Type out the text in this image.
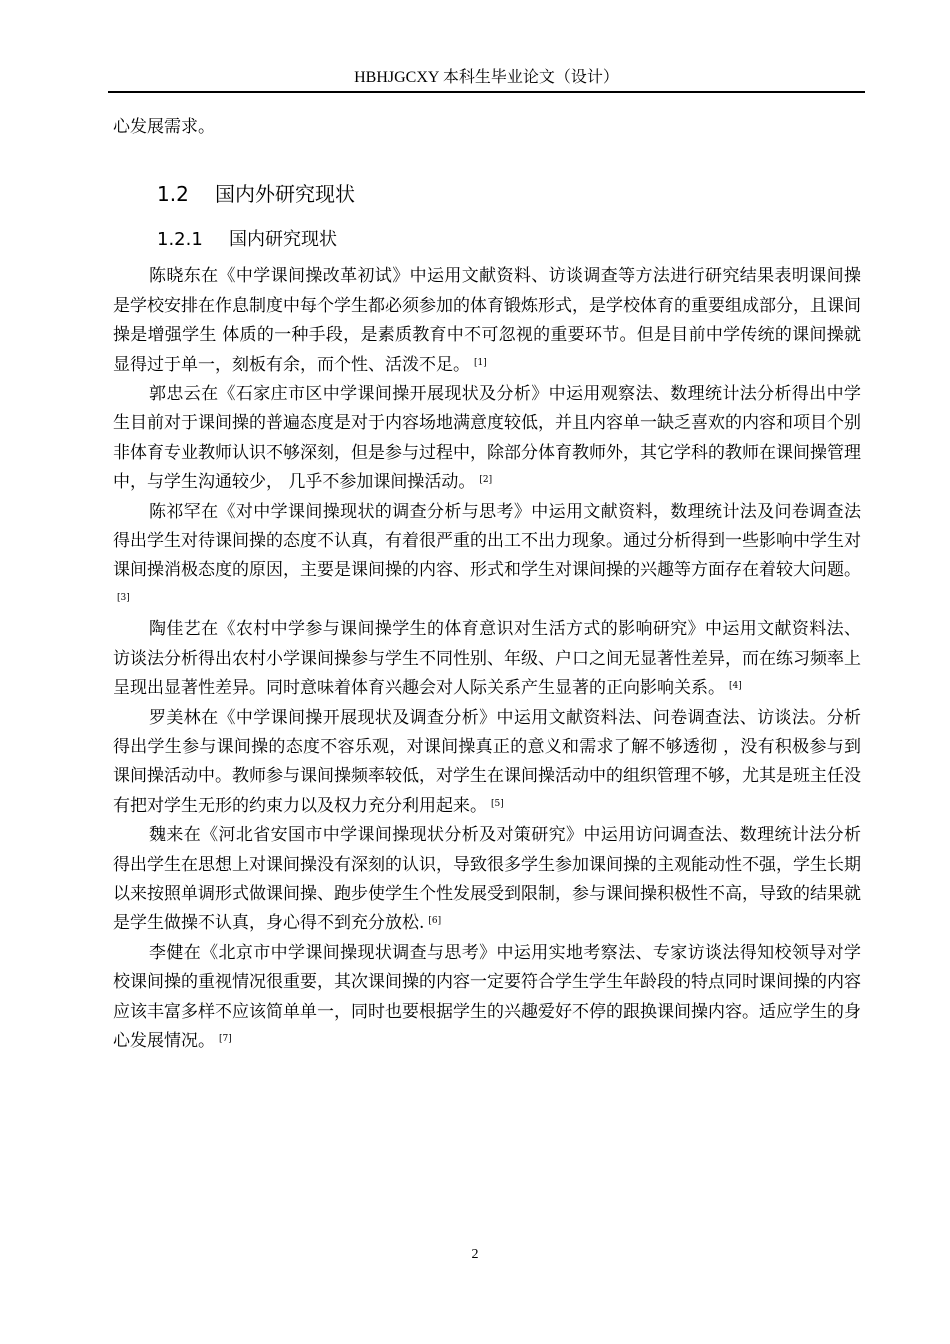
HBHJGCXY 本科生毕业论文（设计）

心发展需求。

1.2 国内外研究现状
1.2.1 国内研究现状

陈晓东在《中学课间操改革初试》中运用文献资料、访谈调查等方法进行研究结果表明课间操是学校安排在作息制度中每个学生都必须参加的体育锻炼形式，是学校体育的重要组成部分，且课间操是增强学生 体质的一种手段，是素质教育中不可忽视的重要环节。但是目前中学传统的课间操就显得过于单一，刻板有余，而个性、活泼不足。 [1]

郭忠云在《石家庄市区中学课间操开展现状及分析》中运用观察法、数理统计法分析得出中学生目前对于课间操的普遍态度是对于内容场地满意度较低，并且内容单一缺乏喜欢的内容和项目个别非体育专业教师认识不够深刻，但是参与过程中，除部分体育教师外，其它学科的教师在课间操管理中，与学生沟通较少， 几乎不参加课间操活动。 [2]

陈祁罕在《对中学课间操现状的调查分析与思考》中运用文献资料，数理统计法及问卷调查法得出学生对待课间操的态度不认真，有着很严重的出工不出力现象。通过分析得到一些影响中学生对课间操消极态度的原因，主要是课间操的内容、形式和学生对课间操的兴趣等方面存在着较大问题。[3]

陶佳艺在《农村中学参与课间操学生的体育意识对生活方式的影响研究》中运用文献资料法、访谈法分析得出农村小学课间操参与学生不同性别、年级、户口之间无显著性差异，而在练习频率上呈现出显著性差异。同时意味着体育兴趣会对人际关系产生显著的正向影响关系。 [4]

罗美林在《中学课间操开展现状及调查分析》中运用文献资料法、问卷调查法、访谈法。分析得出学生参与课间操的态度不容乐观，对课间操真正的意义和需求了解不够透彻 ，没有积极参与到课间操活动中。教师参与课间操频率较低，对学生在课间操活动中的组织管理不够，尤其是班主任没有把对学生无形的约束力以及权力充分利用起来。 [5]

魏来在《河北省安国市中学课间操现状分析及对策研究》中运用访问调查法、数理统计法分析得出学生在思想上对课间操没有深刻的认识，导致很多学生参加课间操的主观能动性不强，学生长期以来按照单调形式做课间操、跑步使学生个性发展受到限制，参与课间操积极性不高，导致的结果就是学生做操不认真，身心得不到充分放松. [6]

李健在《北京市中学课间操现状调查与思考》中运用实地考察法、专家访谈法得知校领导对学校课间操的重视情况很重要，其次课间操的内容一定要符合学生学生年龄段的特点同时课间操的内容应该丰富多样不应该简单单一，同时也要根据学生的兴趣爱好不停的跟换课间操内容。适应学生的身心发展情况。 [7]

2
